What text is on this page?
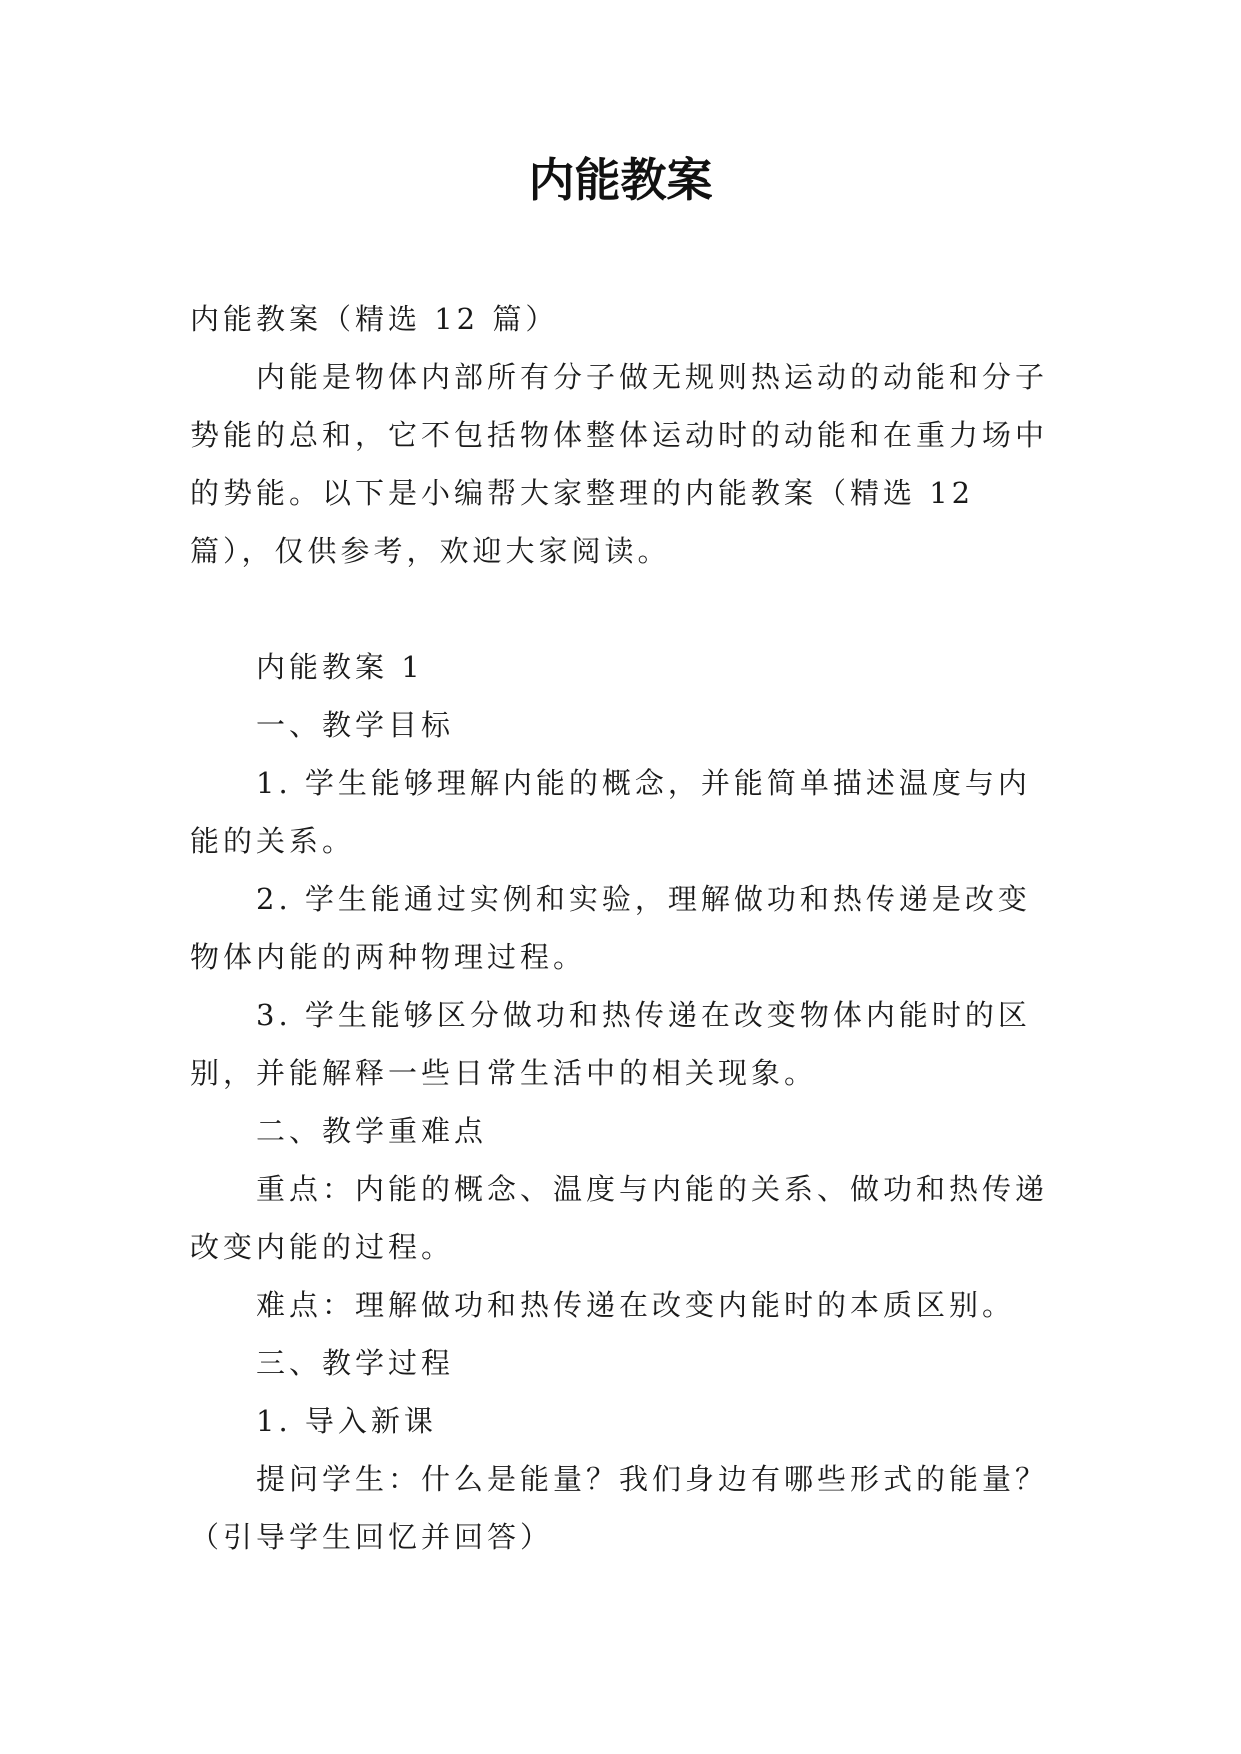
内能教案

内能教案（精选 12 篇）

内能是物体内部所有分子做无规则热运动的动能和分子势能的总和，它不包括物体整体运动时的动能和在重力场中的势能。以下是小编帮大家整理的内能教案（精选 12 篇），仅供参考，欢迎大家阅读。

内能教案 1

一、教学目标

1. 学生能够理解内能的概念，并能简单描述温度与内能的关系。

2. 学生能通过实例和实验，理解做功和热传递是改变物体内能的两种物理过程。

3. 学生能够区分做功和热传递在改变物体内能时的区别，并能解释一些日常生活中的相关现象。

二、教学重难点

重点：内能的概念、温度与内能的关系、做功和热传递改变内能的过程。

难点：理解做功和热传递在改变内能时的本质区别。

三、教学过程

1. 导入新课

提问学生：什么是能量？我们身边有哪些形式的能量？（引导学生回忆并回答）
